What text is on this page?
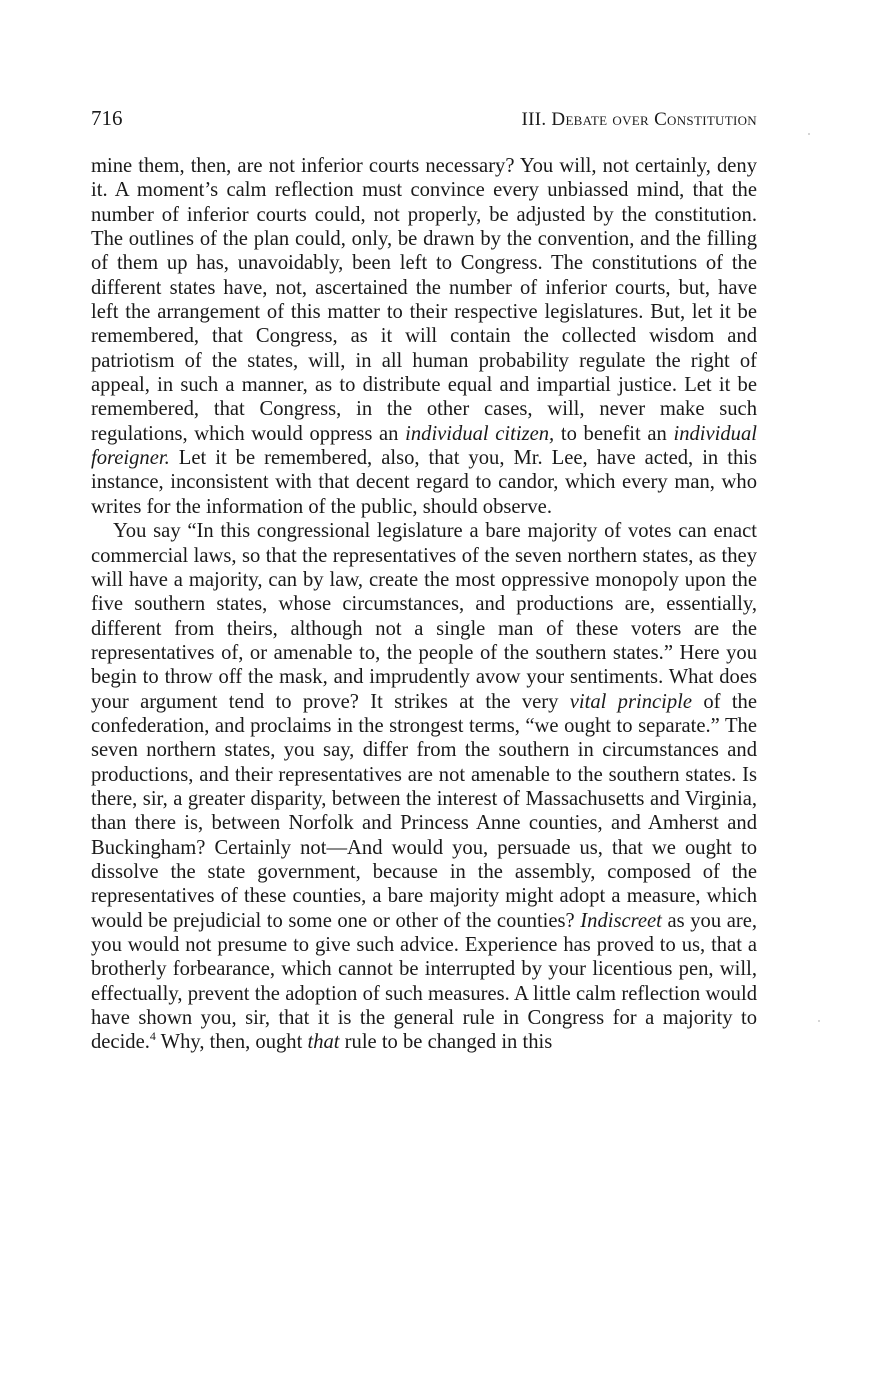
716	III. Debate over Constitution

mine them, then, are not inferior courts necessary? You will, not certainly, deny it. A moment’s calm reflection must convince every unbiassed mind, that the number of inferior courts could, not properly, be adjusted by the constitution. The outlines of the plan could, only, be drawn by the convention, and the filling of them up has, unavoidably, been left to Congress. The constitutions of the different states have, not, ascertained the number of inferior courts, but, have left the arrangement of this matter to their respective legislatures. But, let it be remembered, that Congress, as it will contain the collected wisdom and patriotism of the states, will, in all human probability regulate the right of appeal, in such a manner, as to distribute equal and impartial justice. Let it be remembered, that Congress, in the other cases, will, never make such regulations, which would oppress an individual citizen, to benefit an individual foreigner. Let it be remembered, also, that you, Mr. Lee, have acted, in this instance, inconsistent with that decent regard to candor, which every man, who writes for the information of the public, should observe.

You say “In this congressional legislature a bare majority of votes can enact commercial laws, so that the representatives of the seven northern states, as they will have a majority, can by law, create the most oppressive monopoly upon the five southern states, whose circumstances, and productions are, essentially, different from theirs, although not a single man of these voters are the representatives of, or amenable to, the people of the southern states.” Here you begin to throw off the mask, and imprudently avow your sentiments. What does your argument tend to prove? It strikes at the very vital principle of the confederation, and proclaims in the strongest terms, “we ought to separate.” The seven northern states, you say, differ from the southern in circumstances and productions, and their representatives are not amenable to the southern states. Is there, sir, a greater disparity, between the interest of Massachusetts and Virginia, than there is, between Norfolk and Princess Anne counties, and Amherst and Buckingham? Certainly not—And would you, persuade us, that we ought to dissolve the state government, because in the assembly, composed of the representatives of these counties, a bare majority might adopt a measure, which would be prejudicial to some one or other of the counties? Indiscreet as you are, you would not presume to give such advice. Experience has proved to us, that a brotherly forbearance, which cannot be interrupted by your licentious pen, will, effectually, prevent the adoption of such measures. A little calm reflection would have shown you, sir, that it is the general rule in Congress for a majority to decide.$^4$ Why, then, ought that rule to be changed in this
